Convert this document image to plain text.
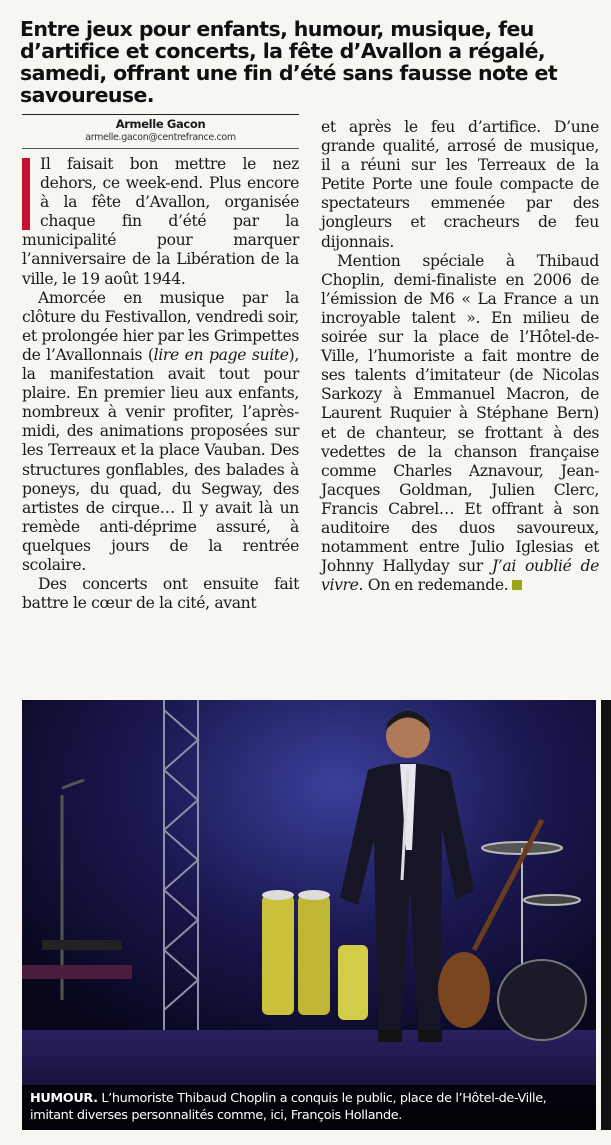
Entre jeux pour enfants, humour, musique, feu d’artifice et concerts, la fête d’Avallon a régalé, samedi, offrant une fin d’été sans fausse note et savoureuse.
Armelle Gacon
armelle.gacon@centrefrance.com

Il faisait bon mettre le nez dehors, ce week-end. Plus encore à la fête d’Avallon, organisée chaque fin d’été par la municipalité pour marquer l’anniversaire de la Libération de la ville, le 19 août 1944.

Amorcée en musique par la clôture du Festivallon, vendredi soir, et prolongée hier par les Grimpettes de l’Avallonnais (lire en page suite), la manifestation avait tout pour plaire. En premier lieu aux enfants, nombreux à venir profiter, l’après-midi, des animations proposées sur les Terreaux et la place Vauban. Des structures gonflables, des balades à poneys, du quad, du Segway, des artistes de cirque… Il y avait là un remède anti-déprime assuré, à quelques jours de la rentrée scolaire.

Des concerts ont ensuite fait battre le cœur de la cité, avant

et après le feu d’artifice. D’une grande qualité, arrosé de musique, il a réuni sur les Terreaux de la Petite Porte une foule compacte de spectateurs emmenée par des jongleurs et cracheurs de feu dijonnais.

Mention spéciale à Thibaud Choplin, demi-finaliste en 2006 de l’émission de M6 « La France a un incroyable talent ». En milieu de soirée sur la place de l’Hôtel-de-Ville, l’humoriste a fait montre de ses talents d’imitateur (de Nicolas Sarkozy à Emmanuel Macron, de Laurent Ruquier à Stéphane Bern) et de chanteur, se frottant à des vedettes de la chanson française comme Charles Aznavour, Jean-Jacques Goldman, Julien Clerc, Francis Cabrel… Et offrant à son auditoire des duos savoureux, notamment entre Julio Iglesias et Johnny Hallyday sur J’ai oublié de vivre. On en redemande.

HUMOUR. L’humoriste Thibaud Choplin a conquis le public, place de l’Hôtel-de-Ville, imitant diverses personnalités comme, ici, François Hollande.
